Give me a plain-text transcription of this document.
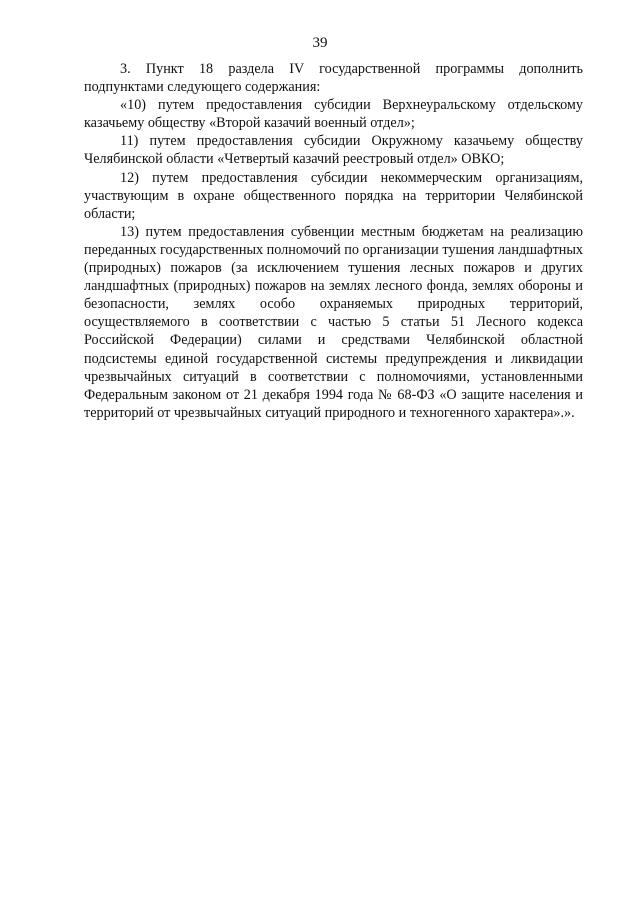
39

3. Пункт 18 раздела IV государственной программы дополнить подпунктами следующего содержания:

«10) путем предоставления субсидии Верхнеуральскому отдельскому казачьему обществу «Второй казачий военный отдел»;

11) путем предоставления субсидии Окружному казачьему обществу Челябинской области «Четвертый казачий реестровый отдел» ОВКО;

12) путем предоставления субсидии некоммерческим организациям, участвующим в охране общественного порядка на территории Челябинской области;

13) путем предоставления субвенции местным бюджетам на реализацию переданных государственных полномочий по организации тушения ландшафтных (природных) пожаров (за исключением тушения лесных пожаров и других ландшафтных (природных) пожаров на землях лесного фонда, землях обороны и безопасности, землях особо охраняемых природных территорий, осуществляемого в соответствии с частью 5 статьи 51 Лесного кодекса Российской Федерации) силами и средствами Челябинской областной подсистемы единой государственной системы предупреждения и ликвидации чрезвычайных ситуаций в соответствии с полномочиями, установленными Федеральным законом от 21 декабря 1994 года № 68-ФЗ «О защите населения и территорий от чрезвычайных ситуаций природного и техногенного характера».».
